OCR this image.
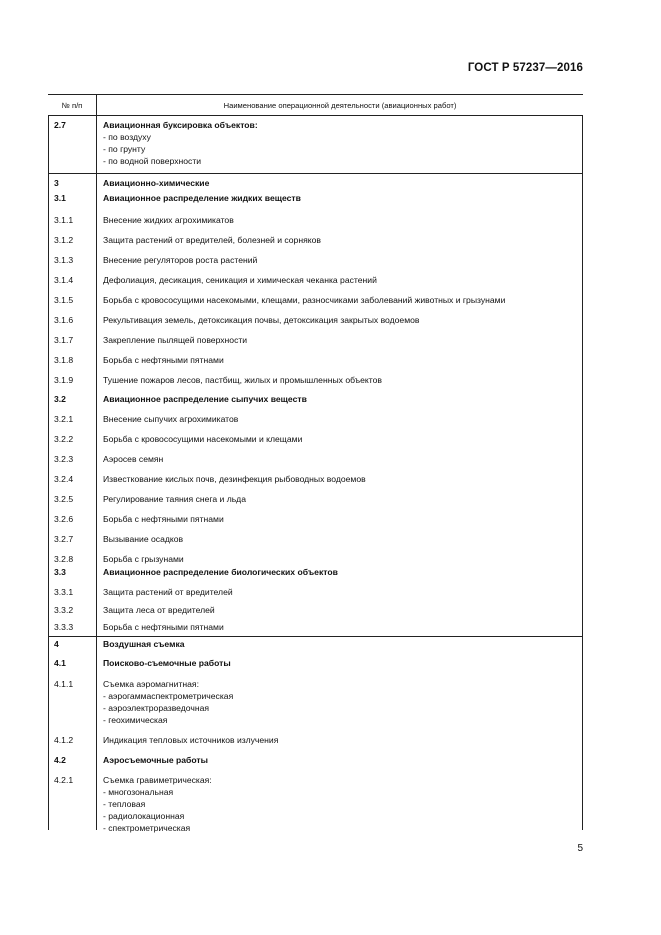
ГОСТ Р 57237—2016
№ п/п	Наименование операционной деятельности (авиационных работ)
2.7	Авиационная буксировка объектов:
- по воздуху
- по грунту
- по водной поверхности
3	Авиационно-химические
3.1	Авиационное распределение жидких веществ
3.1.1	Внесение жидких агрохимикатов
3.1.2	Защита растений от вредителей, болезней и сорняков
3.1.3	Внесение регуляторов роста растений
3.1.4	Дефолиация, десикация, сеникация и химическая чеканка растений
3.1.5	Борьба с кровососущими насекомыми, клещами, разносчиками заболеваний животных и грызунами
3.1.6	Рекультивация земель, детоксикация почвы, детоксикация закрытых водоемов
3.1.7	Закрепление пылящей поверхности
3.1.8	Борьба с нефтяными пятнами
3.1.9	Тушение пожаров лесов, пастбищ, жилых и промышленных объектов
3.2	Авиационное распределение сыпучих веществ
3.2.1	Внесение сыпучих агрохимикатов
3.2.2	Борьба с кровососущими насекомыми и клещами
3.2.3	Аэросев семян
3.2.4	Известкование кислых почв, дезинфекция рыбоводных водоемов
3.2.5	Регулирование таяния снега и льда
3.2.6	Борьба с нефтяными пятнами
3.2.7	Вызывание осадков
3.2.8	Борьба с грызунами
3.3	Авиационное распределение биологических объектов
3.3.1	Защита растений от вредителей
3.3.2	Защита леса от вредителей
3.3.3	Борьба с нефтяными пятнами
4	Воздушная съемка
4.1	Поисково-съемочные работы
4.1.1	Съемка аэромагнитная:
- аэрогаммаспектрометрическая
- аэроэлектроразведочная
- геохимическая
4.1.2	Индикация тепловых источников излучения
4.2	Аэросъемочные работы
4.2.1	Съемка гравиметрическая:
- многозональная
- тепловая
- радиолокационная
- спектрометрическая
5
